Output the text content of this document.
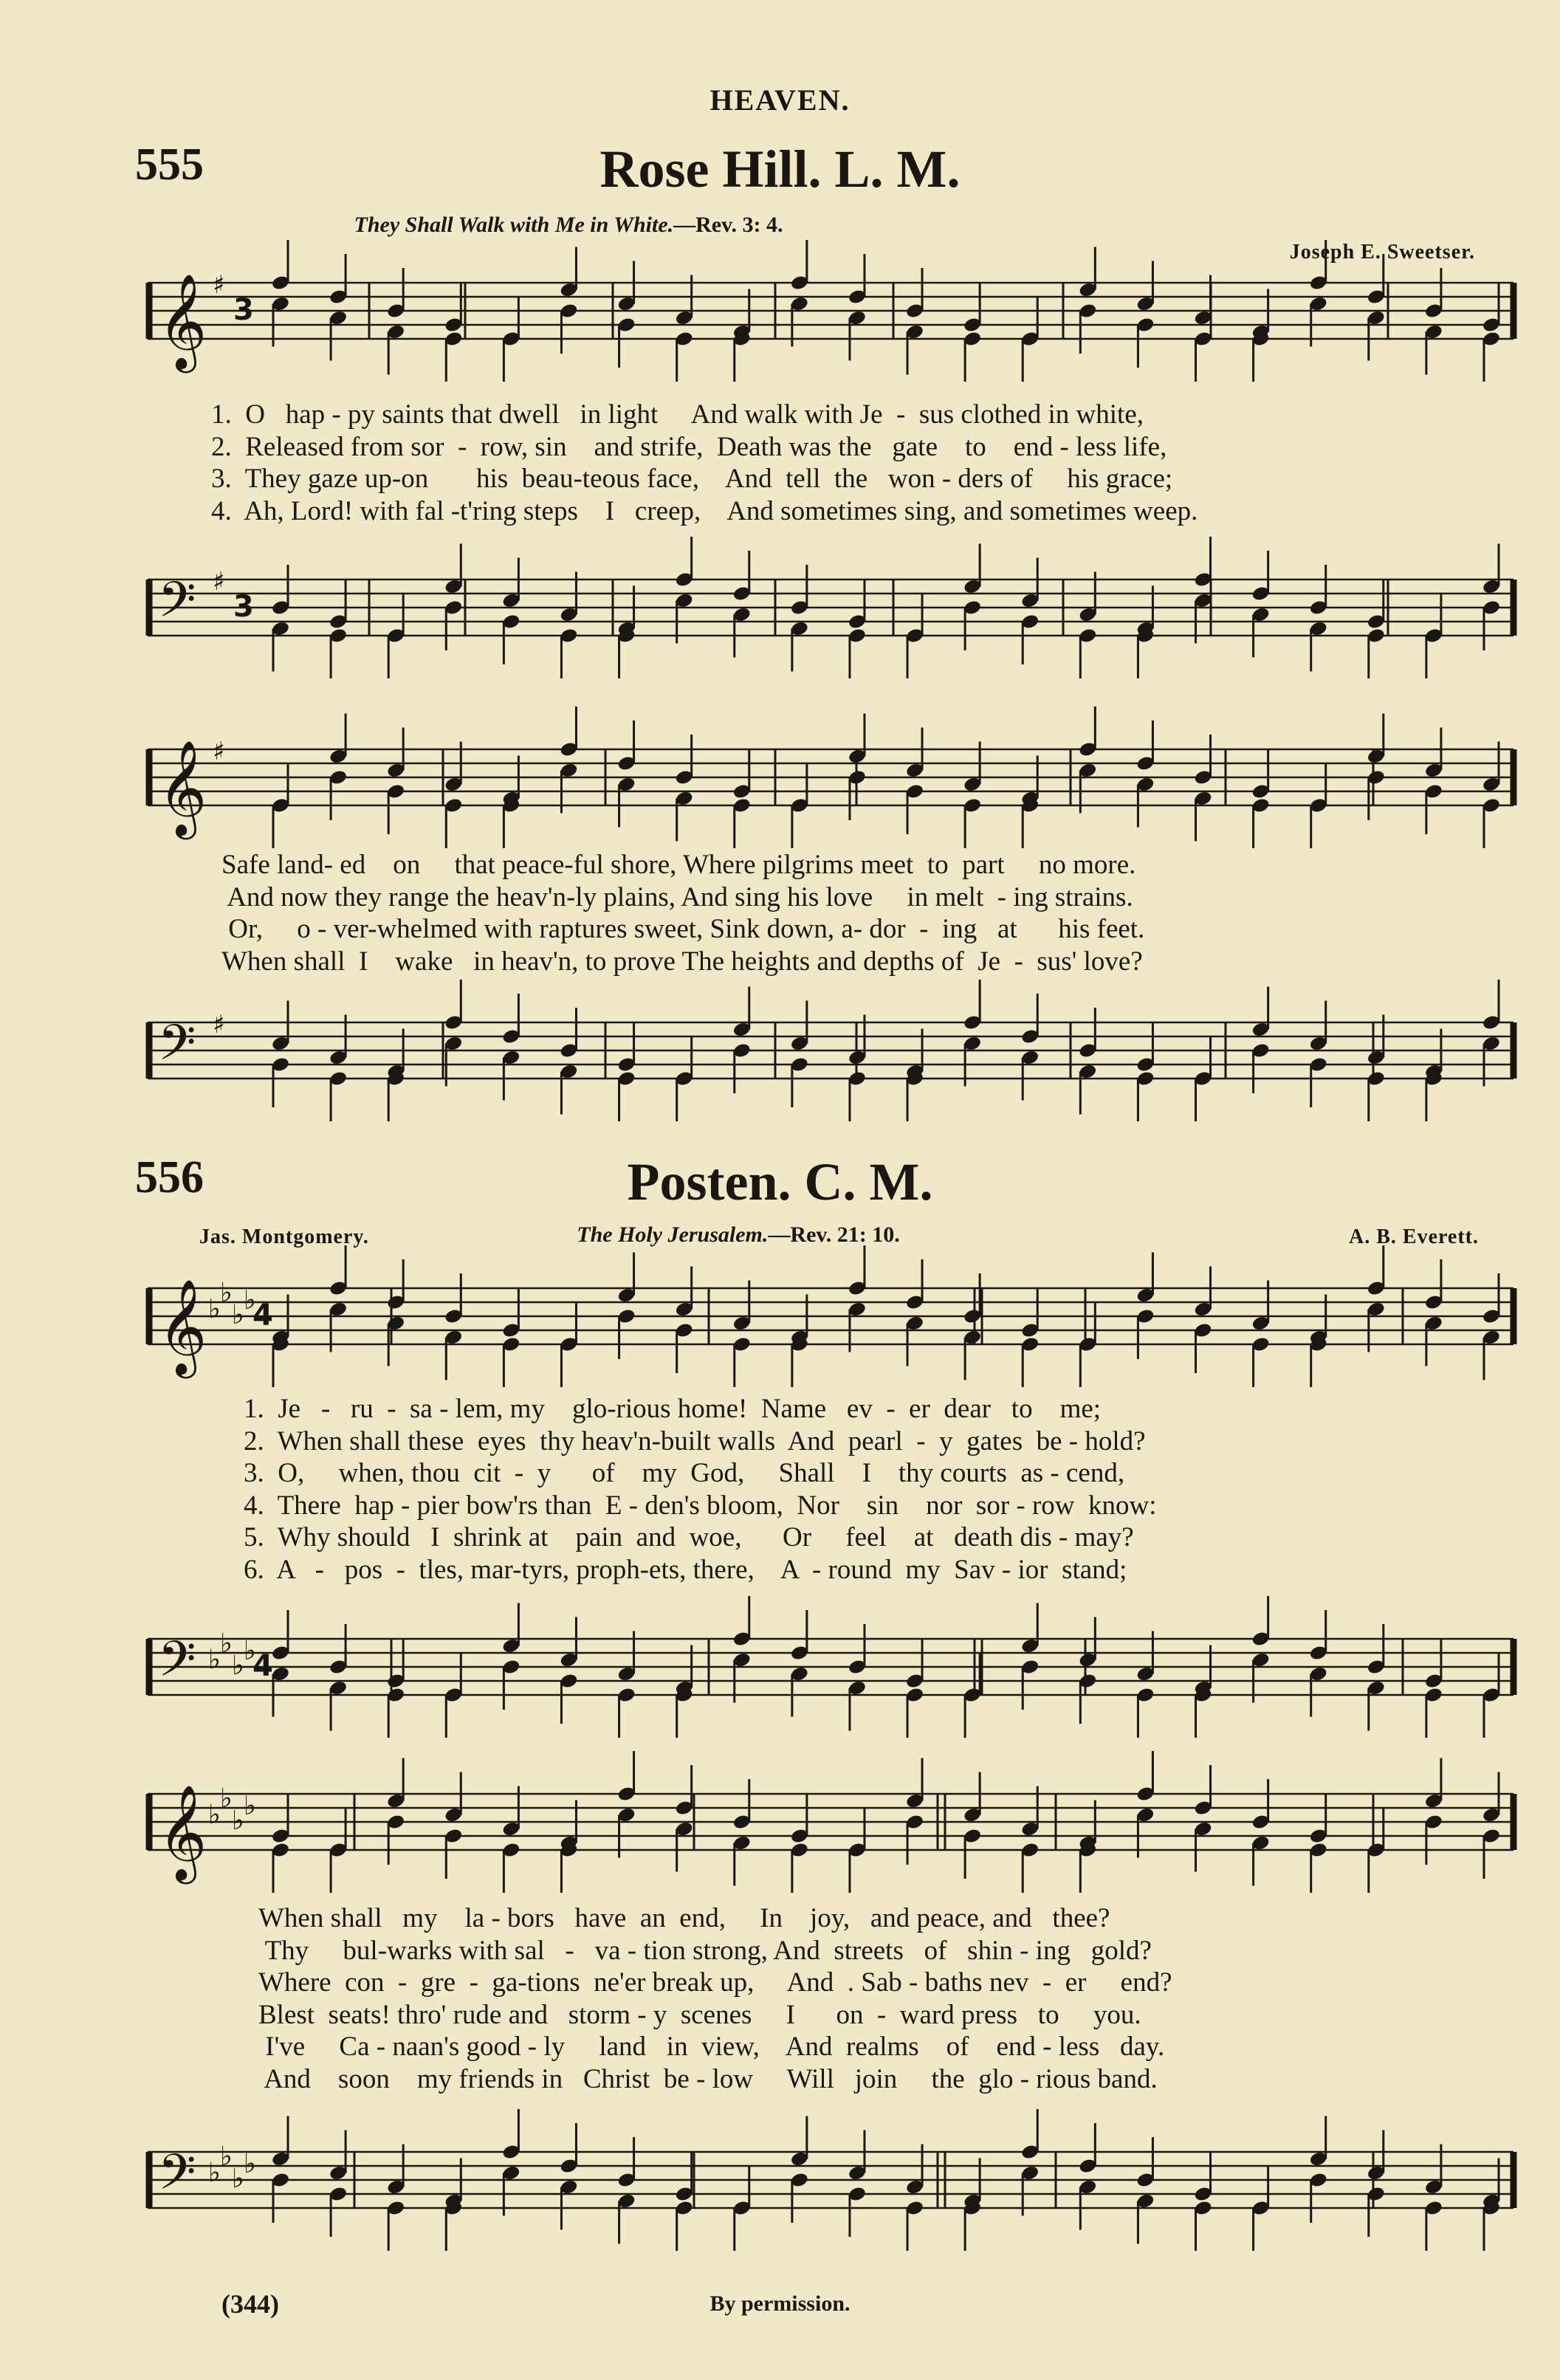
HEAVEN.
555	Rose Hill. L. M.
They Shall Walk with Me in White.—Rev. 3: 4.
Joseph E. Sweetser.
𝄞 ♯
3
1.  O   hap - py saints that dwell   in light     And walk with Je  -  sus clothed in white,
2.  Released from sor  -  row, sin    and strife,  Death was the   gate    to    end - less life,
3.  They gaze up-on       his  beau-teous face,    And  tell  the   won - ders of     his grace;
4.  Ah, Lord! with fal -t'ring steps    I   creep,    And sometimes sing, and sometimes weep.
𝄢 ♯
3
𝄞 ♯
Safe land- ed    on     that peace-ful shore, Where pilgrims meet  to  part     no more.
And now they range the heav'n-ly plains, And sing his love     in melt  - ing strains.
Or,     o - ver-whelmed with raptures sweet, Sink down, a- dor  -  ing   at      his feet.
When shall  I    wake   in heav'n, to prove The heights and depths of  Je  -  sus' love?
𝄢 ♯
556	Posten. C. M.
Jas. Montgomery.	The Holy Jerusalem.—Rev. 21: 10.	A. B. Everett.
𝄞 ♭
♭
♭ ♭
4
1.  Je   -   ru  -  sa - lem, my    glo-rious home!  Name   ev  -  er  dear   to    me;
2.  When shall these  eyes  thy heav'n-built walls  And  pearl  -  y  gates  be - hold?
3.  O,     when, thou  cit  -  y      of    my  God,     Shall    I    thy courts  as - cend,
4.  There  hap - pier bow'rs than  E - den's bloom,  Nor    sin    nor  sor - row  know:
5.  Why should   I  shrink at    pain  and  woe,      Or     feel    at   death dis - may?
6.  A   -   pos  -  tles, mar-tyrs, proph-ets, there,    A  - round  my  Sav - ior  stand;
𝄢 ♭
♭
♭ ♭
4
𝄞 ♭
♭
♭ ♭
When shall   my    la - bors   have  an  end,     In    joy,   and peace, and   thee?
Thy     bul-warks with sal   -   va - tion strong, And  streets   of   shin - ing   gold?
Where  con  -  gre  -  ga-tions  ne'er break up,     And  . Sab - baths nev  -  er     end?
Blest  seats! thro' rude and   storm - y  scenes     I      on  -  ward press   to     you.
I've     Ca - naan's good - ly     land   in  view,    And  realms    of    end - less   day.
And    soon    my friends in   Christ  be - low     Will   join     the  glo - rious band.
𝄢 ♭
♭
♭ ♭
(344)	By permission.
